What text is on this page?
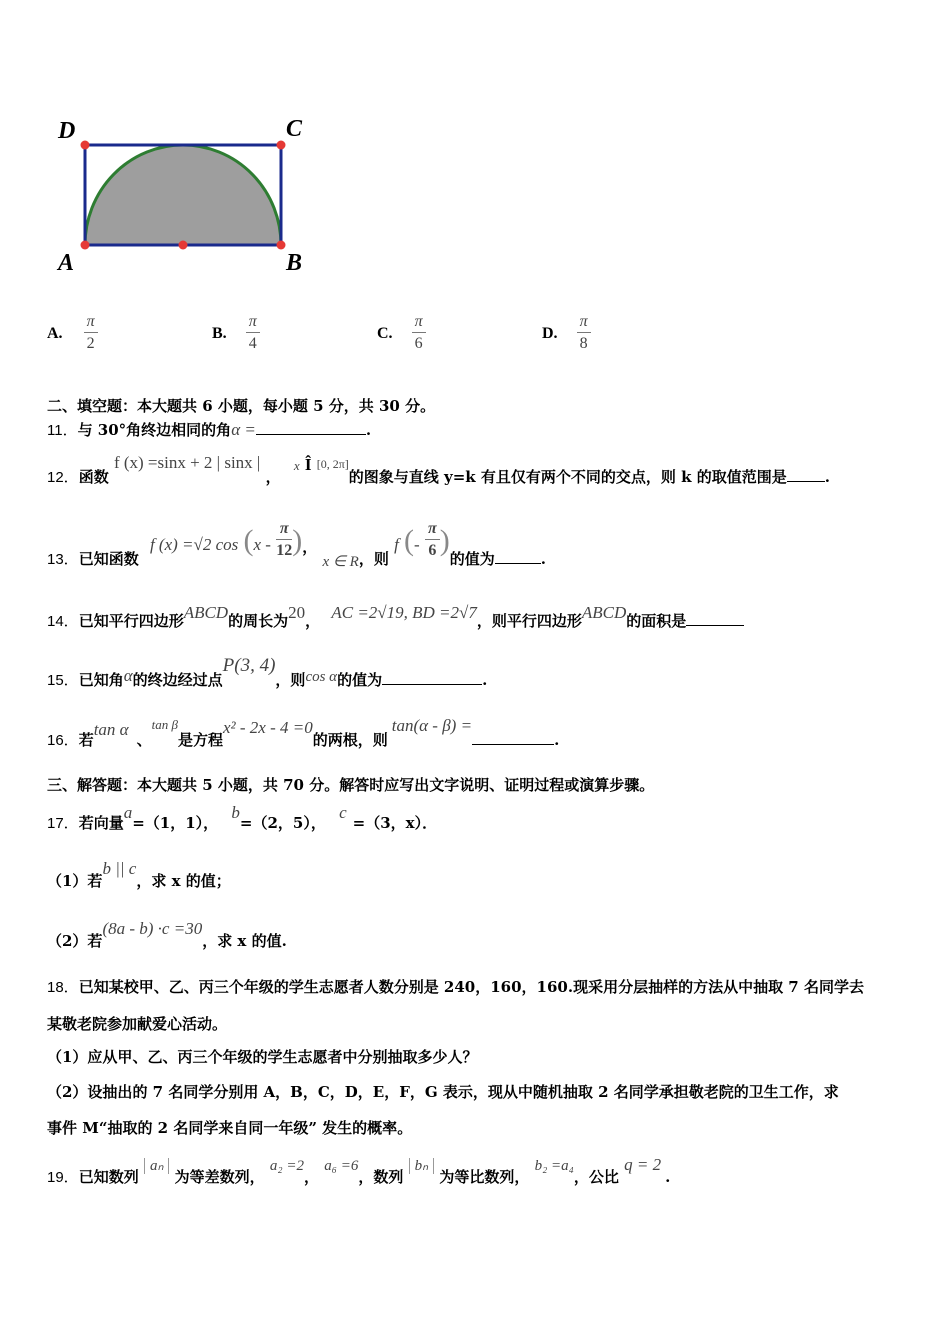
D	C
A	B
A. $\frac{\pi}{2}$	B. $\frac{\pi}{4}$	C. $\frac{\pi}{6}$	D. $\frac{\pi}{8}$
二、填空题：本大题共 6 小题，每小题 5 分，共 30 分。
11．与 30°角终边相同的角α =	.
12．函数 f (x) =sinx + 2 | sinx | ， x Î [0, 2π]的图象与直线 y=k 有且仅有两个不同的交点，则 k 的取值范围是	.
13．已知函数 f (x) =√2 $\cos (x - \frac{\pi}{12}$ )， x ∈ R，则 f (- $\frac{\pi}{6}$ )的值为	.
14．已知平行四边形ABCD的周长为20， AC =2√19, BD =2√7，则平行四边形ABCD的面积是
15．已知角α的终边经过点P(3, 4)，则cos α的值为	.
16．若tan α、tan β是方程x² - 2x - 4 =0的两根，则tan(α - β) =.
三、解答题：本大题共 5 小题，共 70 分。解答时应写出文字说明、证明过程或演算步骤。
17．若向量a=（1，1）， b=（2，5）， c=（3，x）．
（1）若b || c，求 x 的值；
（2）若(8a - b) ·c =30，求 x 的值.
18．已知某校甲、乙、丙三个年级的学生志愿者人数分别是 240，160，160.现采用分层抽样的方法从中抽取 7 名同学去
某敬老院参加献爱心活动。
（1）应从甲、乙、丙三个年级的学生志愿者中分别抽取多少人？
（2）设抽出的 7 名同学分别用 A，B，C，D，E，F，G 表示，现从中随机抽取 2 名同学承担敬老院的卫生工作，求
事件 M“抽取的 2 名同学来自同一年级” 发生的概率。
19．已知数列 aₙ 为等差数列， a₂ =2， a₆ =6，数列 bₙ 为等比数列， b₂ =a₄，公比 q = 2.
